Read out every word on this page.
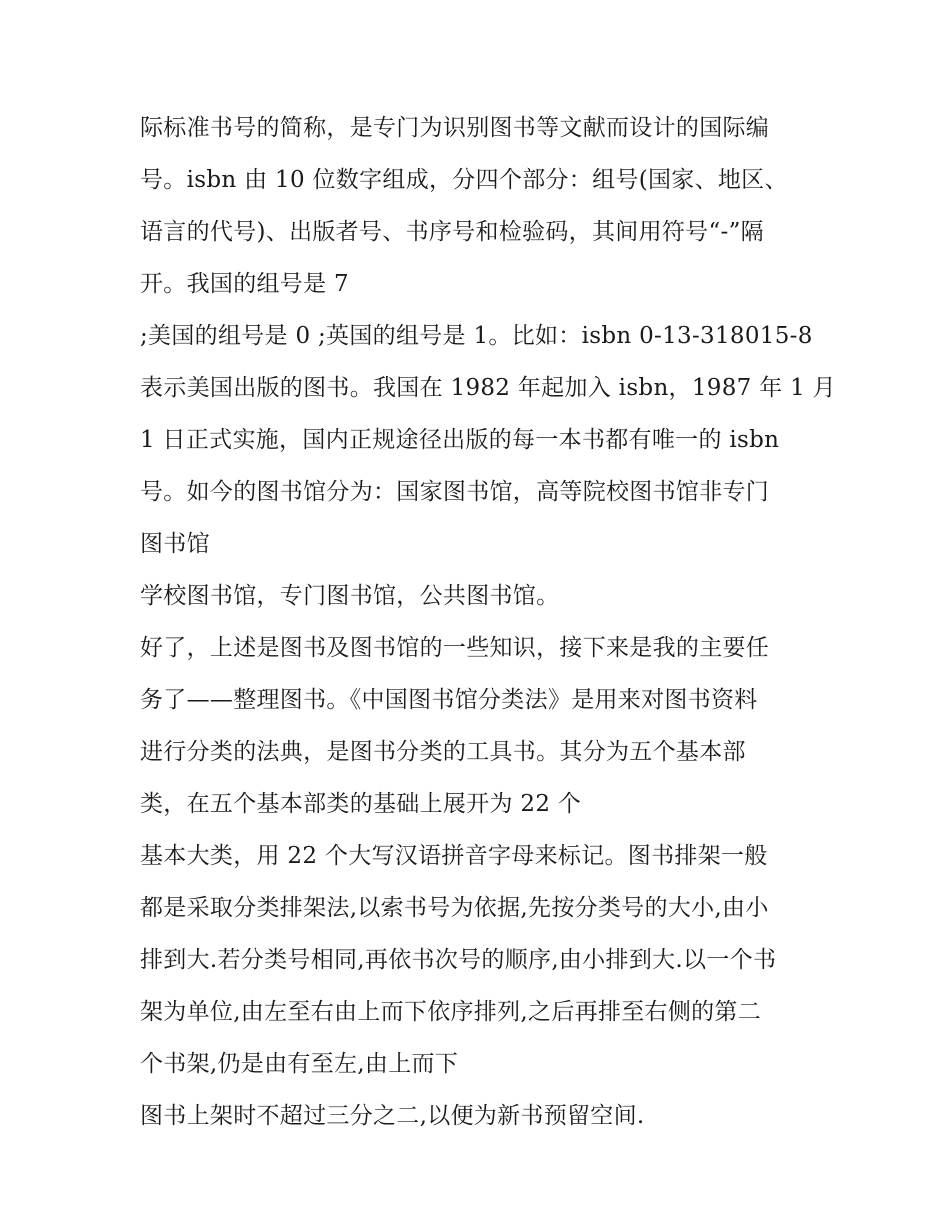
际标准书号的简称，是专门为识别图书等文献而设计的国际编
号。isbn 由 10 位数字组成，分四个部分：组号(国家、地区、
语言的代号)、出版者号、书序号和检验码，其间用符号“-”隔
开。我国的组号是 7
;美国的组号是 0 ;英国的组号是 1。比如：isbn 0-13-318015-8
表示美国出版的图书。我国在 1982 年起加入 isbn，1987 年 1 月
1 日正式实施，国内正规途径出版的每一本书都有唯一的 isbn
号。如今的图书馆分为：国家图书馆，高等院校图书馆非专门
图书馆
学校图书馆，专门图书馆，公共图书馆。
好了，上述是图书及图书馆的一些知识，接下来是我的主要任
务了——整理图书。《中国图书馆分类法》是用来对图书资料
进行分类的法典，是图书分类的工具书。其分为五个基本部
类，在五个基本部类的基础上展开为 22 个
基本大类，用 22 个大写汉语拼音字母来标记。图书排架一般
都是采取分类排架法,以索书号为依据,先按分类号的大小,由小
排到大.若分类号相同,再依书次号的顺序,由小排到大.以一个书
架为单位,由左至右由上而下依序排列,之后再排至右侧的第二
个书架,仍是由有至左,由上而下
图书上架时不超过三分之二,以便为新书预留空间.
